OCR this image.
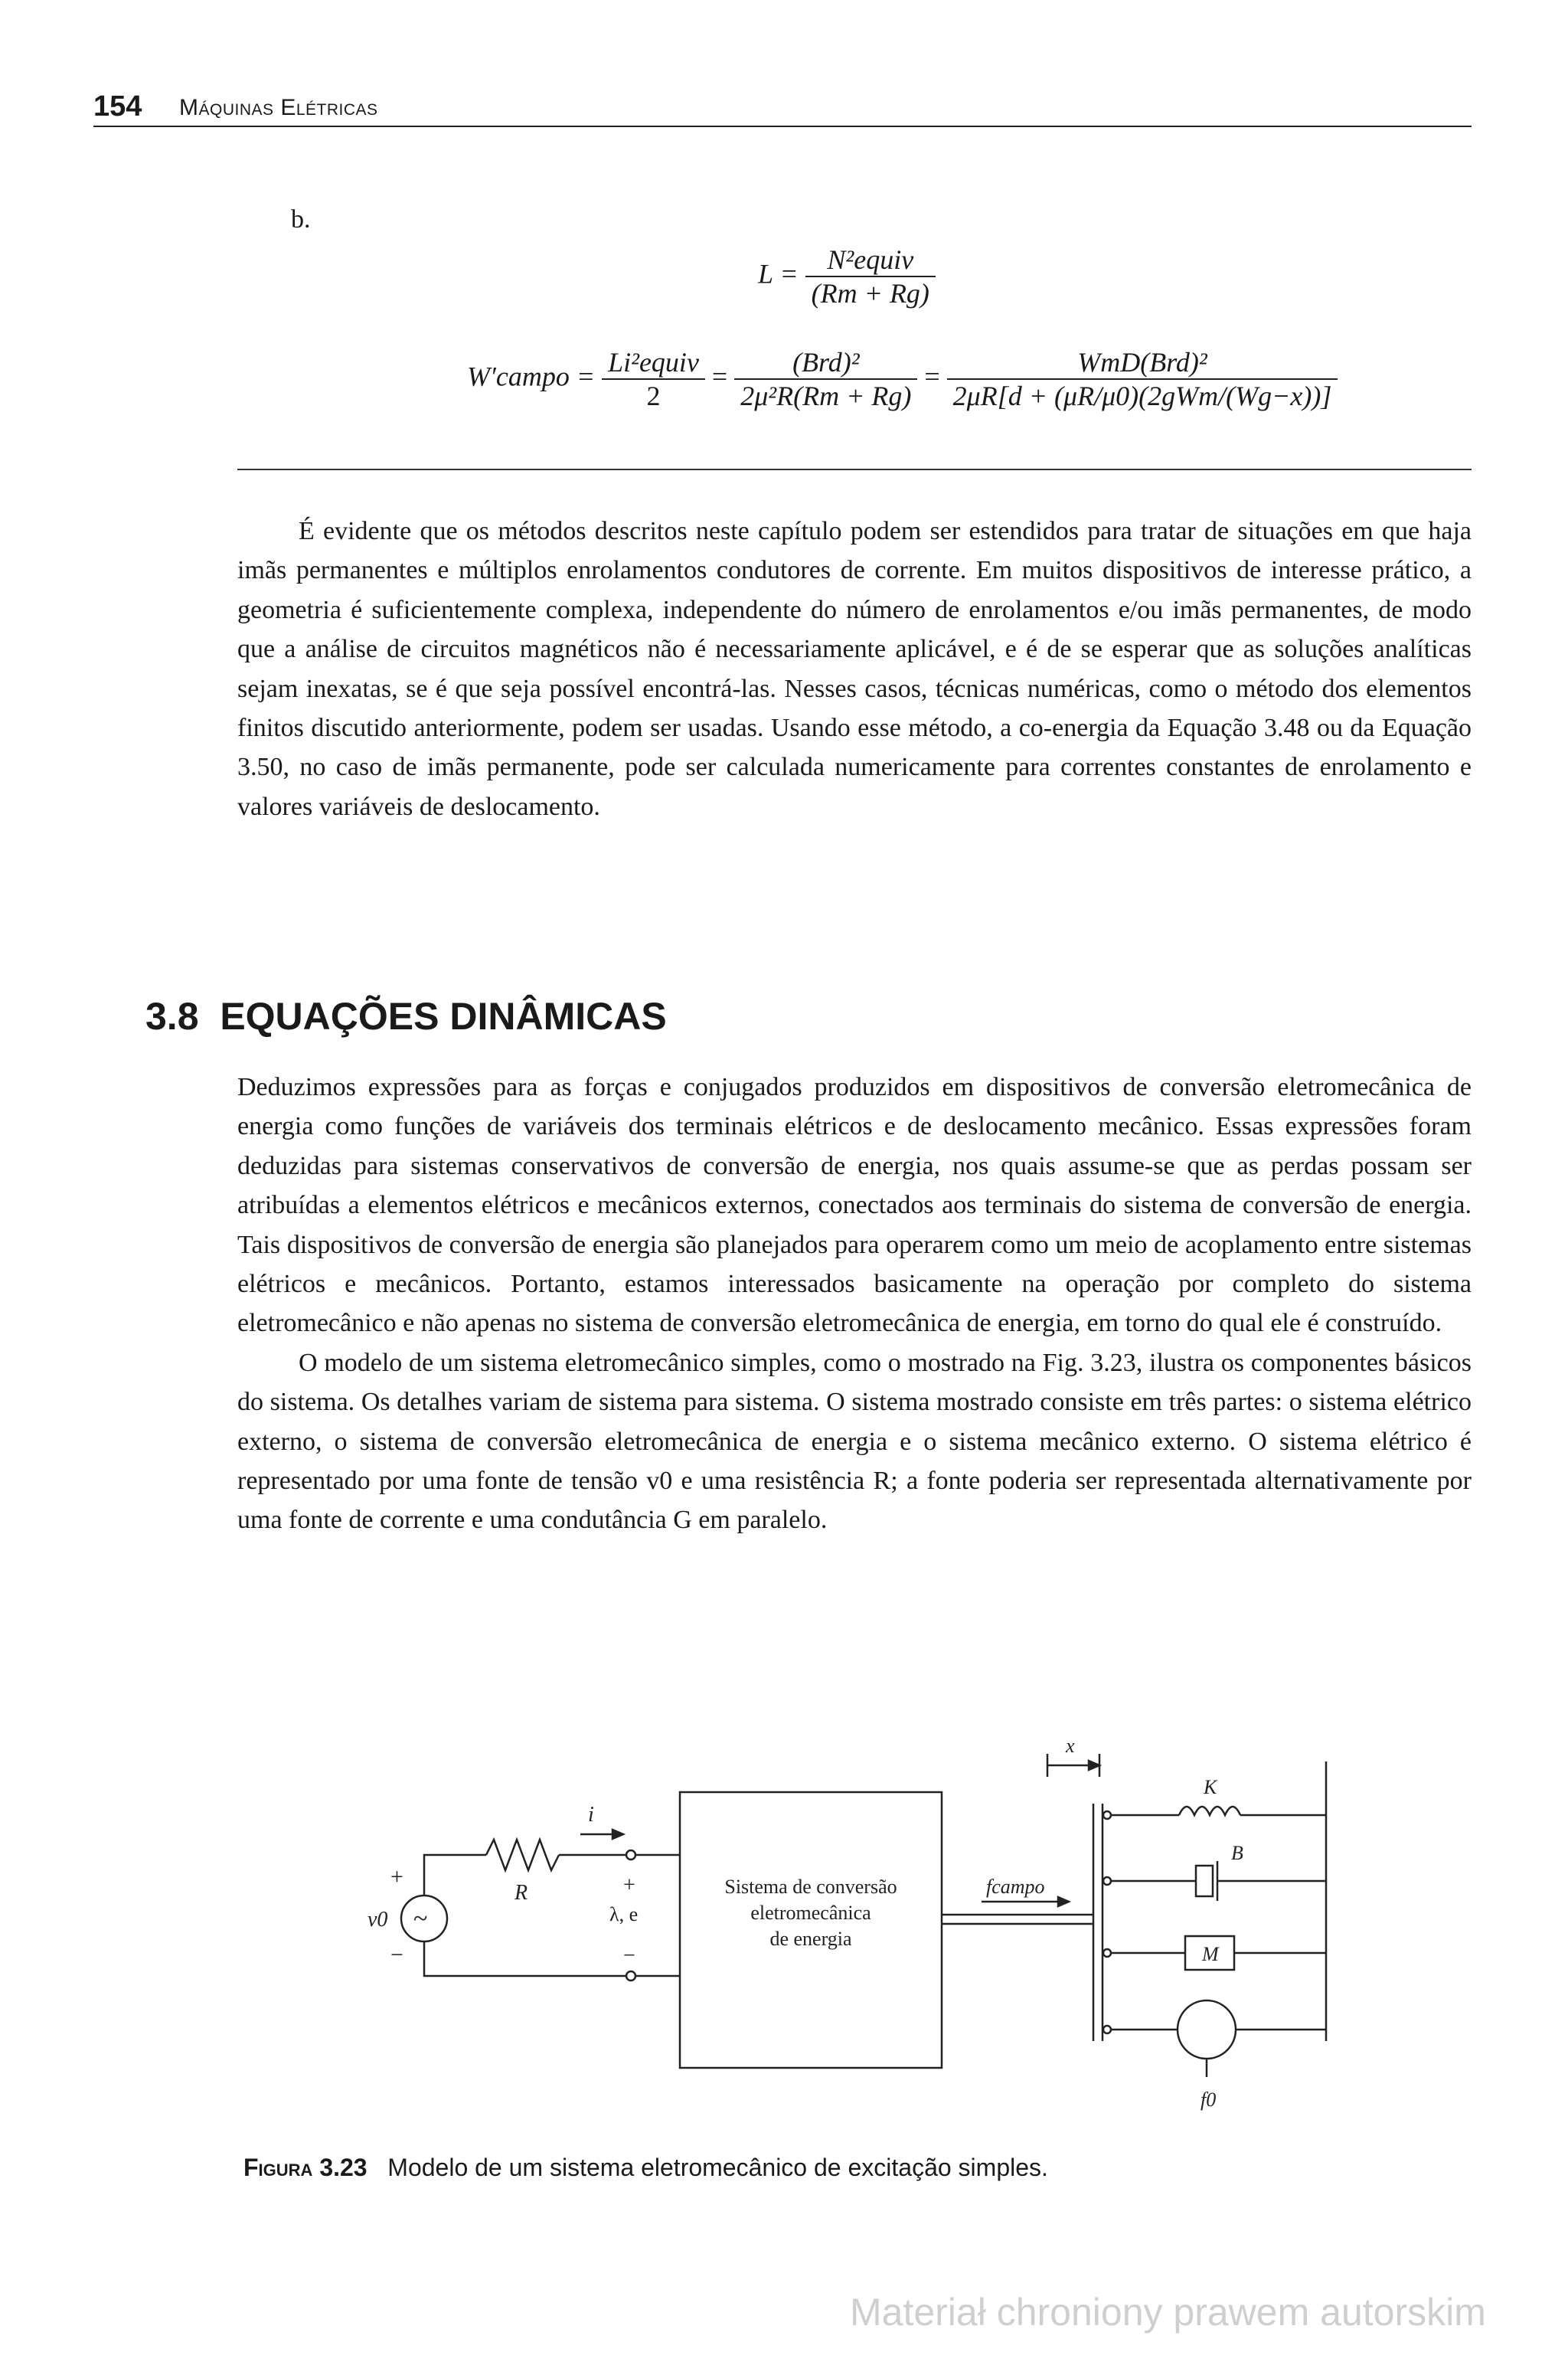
154 Máquinas Elétricas
b.
$L = \frac{\text{N²equiv}}{(Rm + Rg)}$
W′campo = $\frac{\text{Li²equiv}}{2} = \frac{\text{(Brd)²}}{\text{2μ²R(Rm + Rg)}} = \frac{\text{WmD(Brd)²}}{\text{2μR[d + (μR/μ0)(2gWm/(Wg−x))]}}$

É evidente que os métodos descritos neste capítulo podem ser estendidos para tratar de situações em que haja imãs permanentes e múltiplos enrolamentos condutores de corrente. Em muitos dispositivos de interesse prático, a geometria é suficientemente complexa, independente do número de enrolamentos e/ou imãs permanentes, de modo que a análise de circuitos magnéticos não é necessariamente aplicável, e é de se esperar que as soluções analíticas sejam inexatas, se é que seja possível encontrá-las. Nesses casos, técnicas numéricas, como o método dos elementos finitos discutido anteriormente, podem ser usadas. Usando esse método, a co-energia da Equação 3.48 ou da Equação 3.50, no caso de imãs permanente, pode ser calculada numericamente para correntes constantes de enrolamento e valores variáveis de deslocamento.

3.8 EQUAÇÕES DINÂMICAS

Deduzimos expressões para as forças e conjugados produzidos em dispositivos de conversão eletromecânica de energia como funções de variáveis dos terminais elétricos e de deslocamento mecânico. Essas expressões foram deduzidas para sistemas conservativos de conversão de energia, nos quais assume-se que as perdas possam ser atribuídas a elementos elétricos e mecânicos externos, conectados aos terminais do sistema de conversão de energia. Tais dispositivos de conversão de energia são planejados para operarem como um meio de acoplamento entre sistemas elétricos e mecânicos. Portanto, estamos interessados basicamente na operação por completo do sistema eletromecânico e não apenas no sistema de conversão eletromecânica de energia, em torno do qual ele é construído.

O modelo de um sistema eletromecânico simples, como o mostrado na Fig. 3.23, ilustra os componentes básicos do sistema. Os detalhes variam de sistema para sistema. O sistema mostrado consiste em três partes: o sistema elétrico externo, o sistema de conversão eletromecânica de energia e o sistema mecânico externo. O sistema elétrico é representado por uma fonte de tensão v0 e uma resistência R; a fonte poderia ser representada alternativamente por uma fonte de corrente e uma condutância G em paralelo.

~
+
−
v0
R
i
+
−
λ, e
Sistema de conversão
eletromecânica
de energia
fcampo
x
K
B
M
f0
Figura 3.23 Modelo de um sistema eletromecânico de excitação simples.
Materiał chroniony prawem autorskim
